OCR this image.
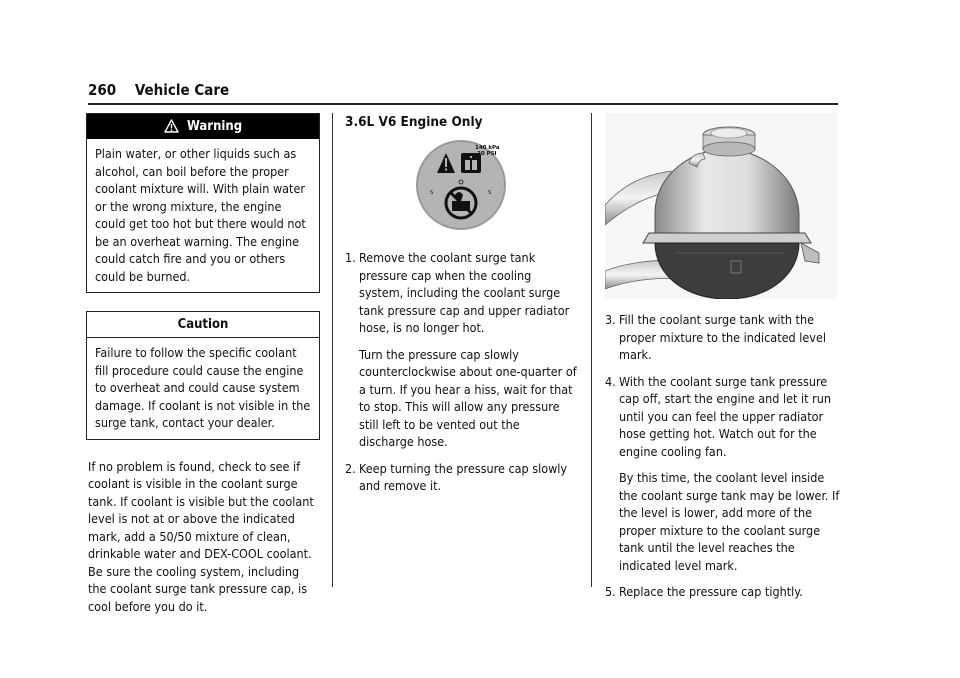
260 Vehicle Care
Warning

Plain water, or other liquids such as alcohol, can boil before the proper coolant mixture will. With plain water or the wrong mixture, the engine could get too hot but there would not be an overheat warning. The engine could catch fire and you or others could be burned.

Caution

Failure to follow the specific coolant fill procedure could cause the engine to overheat and could cause system damage. If coolant is not visible in the surge tank, contact your dealer.

If no problem is found, check to see if coolant is visible in the coolant surge tank. If coolant is visible but the coolant level is not at or above the indicated mark, add a 50/50 mixture of clean, drinkable water and DEX-COOL coolant. Be sure the cooling system, including the coolant surge tank pressure cap, is cool before you do it.

3.6L V6 Engine Only
140 kPa
20 PSI
S	S
1. Remove the coolant surge tank pressure cap when the cooling system, including the coolant surge tank pressure cap and upper radiator hose, is no longer hot.

Turn the pressure cap slowly counterclockwise about one-quarter of a turn. If you hear a hiss, wait for that to stop. This will allow any pressure still left to be vented out the discharge hose.

2. Keep turning the pressure cap slowly and remove it.

3. Fill the coolant surge tank with the proper mixture to the indicated level mark.

4. With the coolant surge tank pressure cap off, start the engine and let it run until you can feel the upper radiator hose getting hot. Watch out for the engine cooling fan.

By this time, the coolant level inside the coolant surge tank may be lower. If the level is lower, add more of the proper mixture to the coolant surge tank until the level reaches the indicated level mark.

5. Replace the pressure cap tightly.
